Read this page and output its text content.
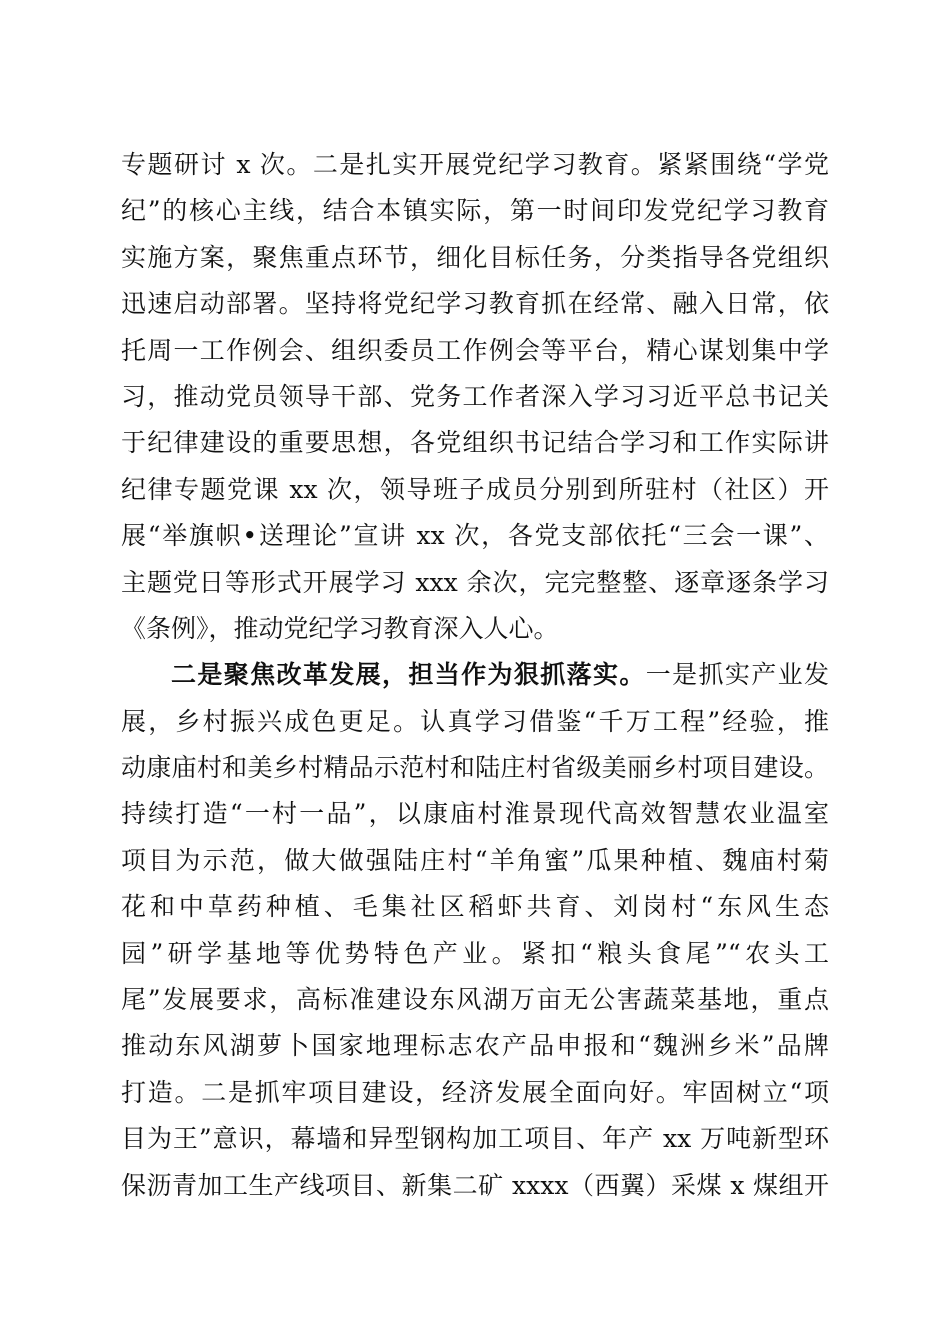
专题研讨 x 次。二是扎实开展党纪学习教育。紧紧围绕“学党
纪”的核心主线，结合本镇实际，第一时间印发党纪学习教育
实施方案，聚焦重点环节，细化目标任务，分类指导各党组织
迅速启动部署。坚持将党纪学习教育抓在经常、融入日常，依
托周一工作例会、组织委员工作例会等平台，精心谋划集中学
习，推动党员领导干部、党务工作者深入学习习近平总书记关
于纪律建设的重要思想，各党组织书记结合学习和工作实际讲
纪律专题党课 xx 次，领导班子成员分别到所驻村（社区）开
展“举旗帜•送理论”宣讲 xx 次，各党支部依托“三会一课”、
主题党日等形式开展学习 xxx 余次，完完整整、逐章逐条学习
《条例》，推动党纪学习教育深入人心。
二是聚焦改革发展，担当作为狠抓落实。一是抓实产业发
展，乡村振兴成色更足。认真学习借鉴“千万工程”经验，推
动康庙村和美乡村精品示范村和陆庄村省级美丽乡村项目建设。
持续打造“一村一品”，以康庙村淮景现代高效智慧农业温室
项目为示范，做大做强陆庄村“羊角蜜”瓜果种植、魏庙村菊
花和中草药种植、毛集社区稻虾共育、刘岗村“东风生态
园”研学基地等优势特色产业。紧扣“粮头食尾”“农头工
尾”发展要求，高标准建设东风湖万亩无公害蔬菜基地，重点
推动东风湖萝卜国家地理标志农产品申报和“魏洲乡米”品牌
打造。二是抓牢项目建设，经济发展全面向好。牢固树立“项
目为王”意识，幕墙和异型钢构加工项目、年产 xx 万吨新型环
保沥青加工生产线项目、新集二矿 xxxx（西翼）采煤 x 煤组开
